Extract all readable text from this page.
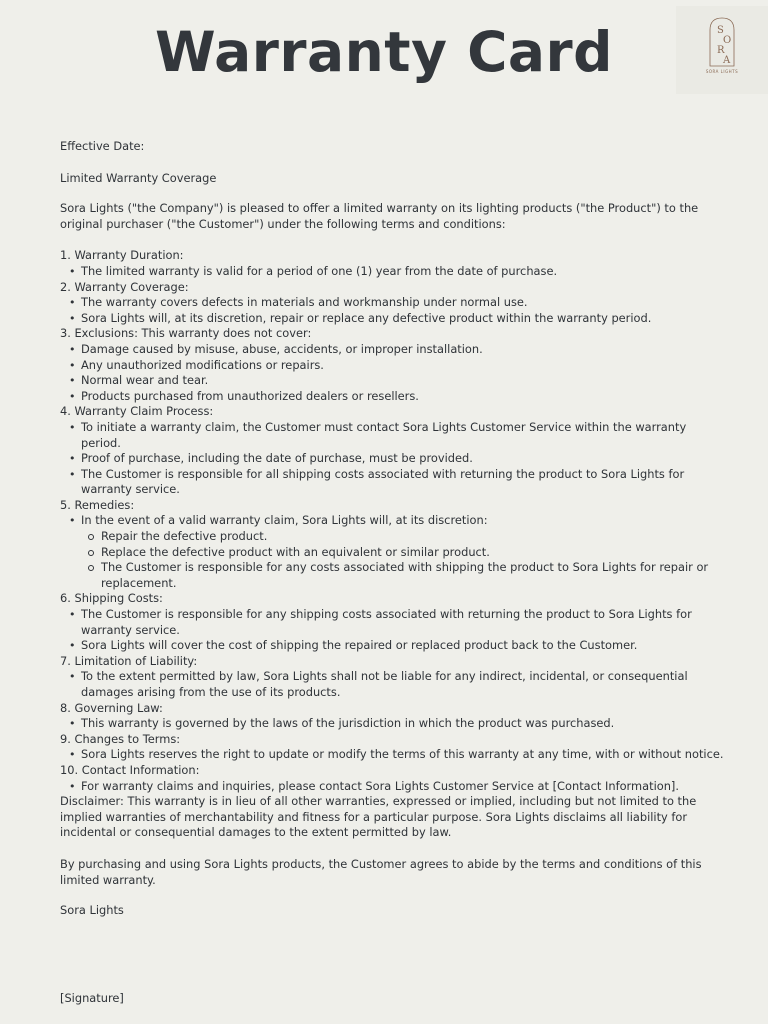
Warranty Card	S
O
R
A
SORA LIGHTS

Effective Date:

Limited Warranty Coverage

Sora Lights ("the Company") is pleased to offer a limited warranty on its lighting products ("the Product") to the original purchaser ("the Customer") under the following terms and conditions:

1. Warranty Duration:

• The limited warranty is valid for a period of one (1) year from the date of purchase.

2. Warranty Coverage:

• The warranty covers defects in materials and workmanship under normal use.
• Sora Lights will, at its discretion, repair or replace any defective product within the warranty period.

3. Exclusions: This warranty does not cover:

• Damage caused by misuse, abuse, accidents, or improper installation.
• Any unauthorized modifications or repairs.
• Normal wear and tear.
• Products purchased from unauthorized dealers or resellers.

4. Warranty Claim Process:

• To initiate a warranty claim, the Customer must contact Sora Lights Customer Service within the warranty period.
• Proof of purchase, including the date of purchase, must be provided.
• The Customer is responsible for all shipping costs associated with returning the product to Sora Lights for warranty service.

5. Remedies:

• In the event of a valid warranty claim, Sora Lights will, at its discretion:
Repair the defective product.
Replace the defective product with an equivalent or similar product.
The Customer is responsible for any costs associated with shipping the product to Sora Lights for repair or replacement.

6. Shipping Costs:

• The Customer is responsible for any shipping costs associated with returning the product to Sora Lights for warranty service.
• Sora Lights will cover the cost of shipping the repaired or replaced product back to the Customer.

7. Limitation of Liability:

• To the extent permitted by law, Sora Lights shall not be liable for any indirect, incidental, or consequential damages arising from the use of its products.

8. Governing Law:

• This warranty is governed by the laws of the jurisdiction in which the product was purchased.

9. Changes to Terms:

• Sora Lights reserves the right to update or modify the terms of this warranty at any time, with or without notice.

10. Contact Information:

• For warranty claims and inquiries, please contact Sora Lights Customer Service at [Contact Information].

Disclaimer: This warranty is in lieu of all other warranties, expressed or implied, including but not limited to the implied warranties of merchantability and fitness for a particular purpose. Sora Lights disclaims all liability for incidental or consequential damages to the extent permitted by law.

By purchasing and using Sora Lights products, the Customer agrees to abide by the terms and conditions of this limited warranty.

Sora Lights

[Signature]
